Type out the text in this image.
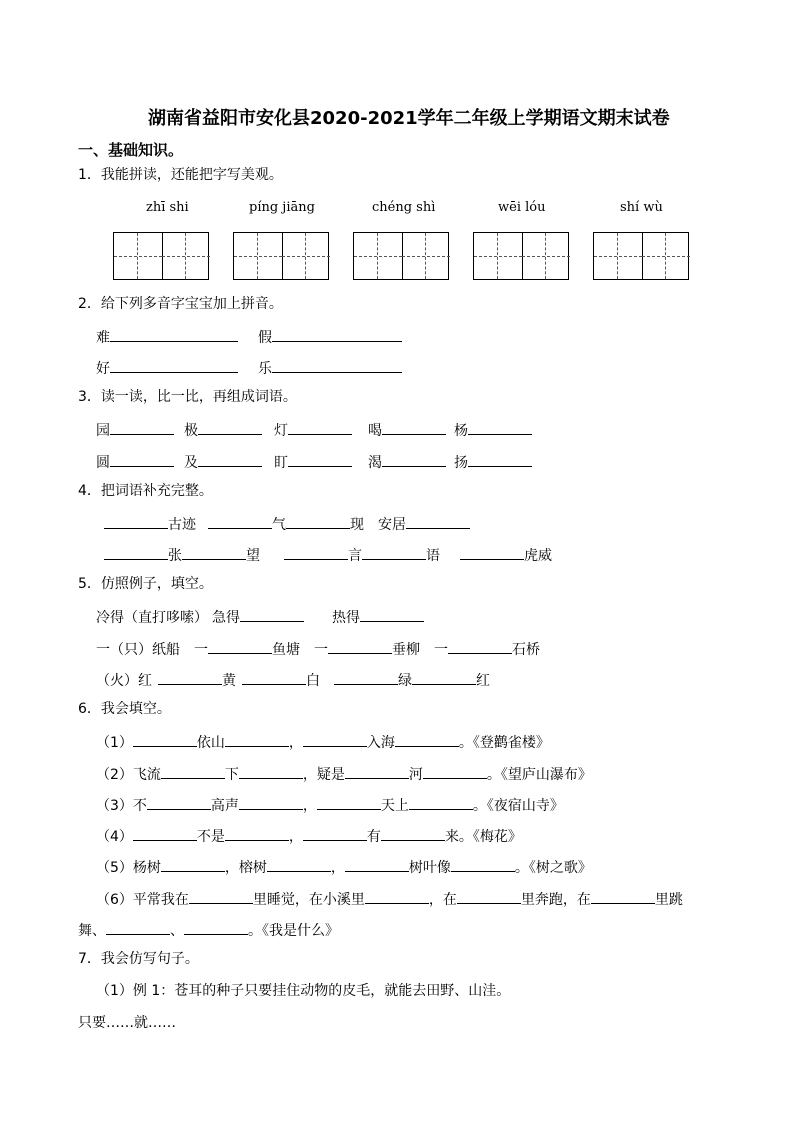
湖南省益阳市安化县2020-2021学年二年级上学期语文期末试卷
一、基础知识。
1．我能拼读，还能把字写美观。
zhī shi	píng jiāng	chéng shì	wēi lóu	shí wù
2．给下列多音字宝宝加上拼音。
难	假
好	乐
3．读一读，比一比，再组成词语。
园	极	灯	喝	杨
圆	及	盯	渴	扬
4．把词语补充完整。
古迹	气	现 安居
张	望	言	语	虎威
5．仿照例子，填空。
冷得（直打哆嗦） 急得	热得
一（只）纸船 一	鱼塘 一	垂柳 一	石桥
（火）红	黄	白	绿	红
6．我会填空。
（1）	依山	，	入海	。《登鹳雀楼》
（2）飞流	下	，疑是	河	。《望庐山瀑布》
（3）不	高声	，	天上	。《夜宿山寺》
（4）	不是	，	有	来。《梅花》
（5）杨树	，榕树	，	树叶像	。《树之歌》
（6）平常我在	里睡觉，在小溪里	，在	里奔跑，在	里跳
舞、	、	。《我是什么》
7．我会仿写句子。
（1）例 1：苍耳的种子只要挂住动物的皮毛，就能去田野、山洼。
只要……就……
